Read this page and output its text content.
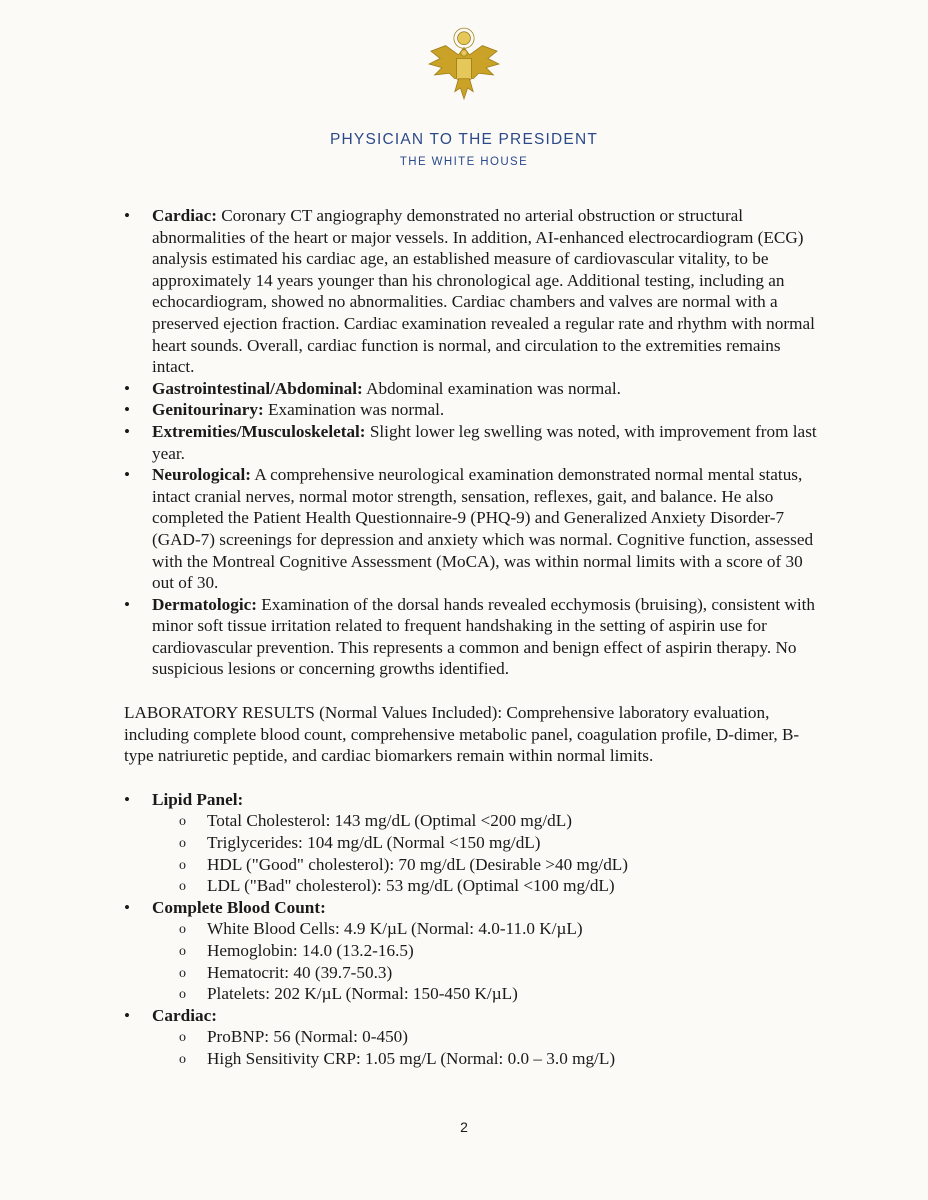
PHYSICIAN TO THE PRESIDENT
THE WHITE HOUSE
• Cardiac: Coronary CT angiography demonstrated no arterial obstruction or structural abnormalities of the heart or major vessels. In addition, AI-enhanced electrocardiogram (ECG) analysis estimated his cardiac age, an established measure of cardiovascular vitality, to be approximately 14 years younger than his chronological age. Additional testing, including an echocardiogram, showed no abnormalities. Cardiac chambers and valves are normal with a preserved ejection fraction. Cardiac examination revealed a regular rate and rhythm with normal heart sounds. Overall, cardiac function is normal, and circulation to the extremities remains intact.
• Gastrointestinal/Abdominal: Abdominal examination was normal.
• Genitourinary: Examination was normal.
• Extremities/Musculoskeletal: Slight lower leg swelling was noted, with improvement from last year.
• Neurological: A comprehensive neurological examination demonstrated normal mental status, intact cranial nerves, normal motor strength, sensation, reflexes, gait, and balance. He also completed the Patient Health Questionnaire-9 (PHQ-9) and Generalized Anxiety Disorder-7 (GAD-7) screenings for depression and anxiety which was normal. Cognitive function, assessed with the Montreal Cognitive Assessment (MoCA), was within normal limits with a score of 30 out of 30.
• Dermatologic: Examination of the dorsal hands revealed ecchymosis (bruising), consistent with minor soft tissue irritation related to frequent handshaking in the setting of aspirin use for cardiovascular prevention. This represents a common and benign effect of aspirin therapy. No suspicious lesions or concerning growths identified.

LABORATORY RESULTS (Normal Values Included): Comprehensive laboratory evaluation, including complete blood count, comprehensive metabolic panel, coagulation profile, D-dimer, B- type natriuretic peptide, and cardiac biomarkers remain within normal limits.

• Lipid Panel:
o Total Cholesterol: 143 mg/dL (Optimal <200 mg/dL)
o Triglycerides: 104 mg/dL (Normal <150 mg/dL)
o HDL ("Good" cholesterol): 70 mg/dL (Desirable >40 mg/dL)
o LDL ("Bad" cholesterol): 53 mg/dL (Optimal <100 mg/dL)
• Complete Blood Count:
o White Blood Cells: 4.9 K/µL (Normal: 4.0-11.0 K/µL)
o Hemoglobin: 14.0 (13.2-16.5)
o Hematocrit: 40 (39.7-50.3)
o Platelets: 202 K/µL (Normal: 150-450 K/µL)
• Cardiac:
o ProBNP: 56 (Normal: 0-450)
o High Sensitivity CRP: 1.05 mg/L (Normal: 0.0 – 3.0 mg/L)
2
